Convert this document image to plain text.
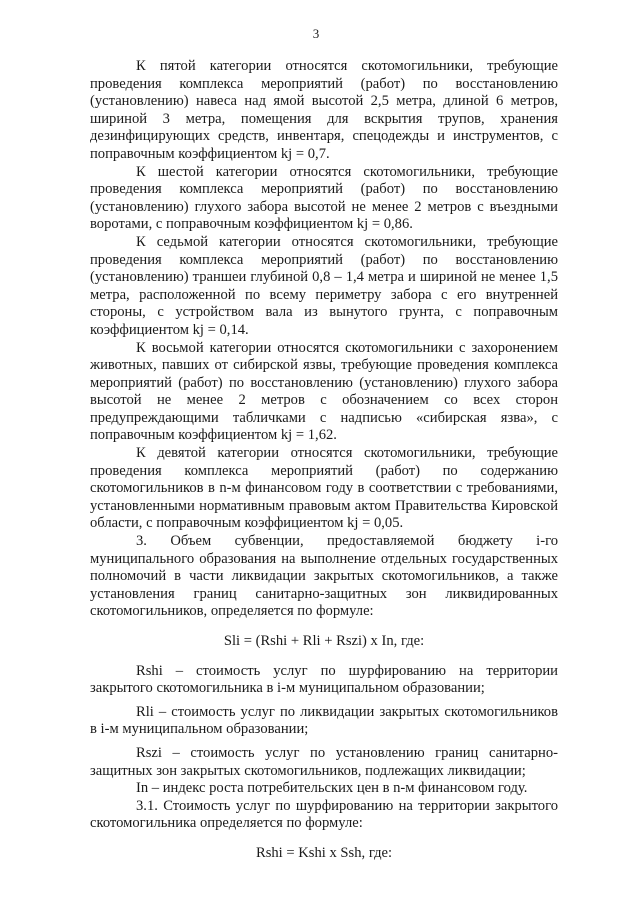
3

К пятой категории относятся скотомогильники, требующие проведения комплекса мероприятий (работ) по восстановлению (установлению) навеса над ямой высотой 2,5 метра, длиной 6 метров, шириной 3 метра, помещения для вскрытия трупов, хранения дезинфицирующих средств, инвентаря, спецодежды и инструментов, с поправочным коэффициентом kj = 0,7.

К шестой категории относятся скотомогильники, требующие проведения комплекса мероприятий (работ) по восстановлению (установлению) глухого забора высотой не менее 2 метров с въездными воротами, с поправочным коэффициентом kj = 0,86.

К седьмой категории относятся скотомогильники, требующие проведения комплекса мероприятий (работ) по восстановлению (установлению) траншеи глубиной 0,8 – 1,4 метра и шириной не менее 1,5 метра, расположенной по всему периметру забора с его внутренней стороны, с устройством вала из вынутого грунта, с поправочным коэффициентом kj = 0,14.

К восьмой категории относятся скотомогильники с захоронением животных, павших от сибирской язвы, требующие проведения комплекса мероприятий (работ) по восстановлению (установлению) глухого забора высотой не менее 2 метров с обозначением со всех сторон предупреждающими табличками с надписью «сибирская язва», с поправочным коэффициентом kj = 1,62.

К девятой категории относятся скотомогильники, требующие проведения комплекса мероприятий (работ) по содержанию скотомогильников в n-м финансовом году в соответствии с требованиями, установленными нормативным правовым актом Правительства Кировской области, с поправочным коэффициентом kj = 0,05.

3. Объем субвенции, предоставляемой бюджету i-го муниципального образования на выполнение отдельных государственных полномочий в части ликвидации закрытых скотомогильников, а также установления границ санитарно-защитных зон ликвидированных скотомогильников, определяется по формуле:

Sli = (Rshi + Rli + Rszi) x In, где:

Rshi – стоимость услуг по шурфированию на территории закрытого скотомогильника в i-м муниципальном образовании;

Rli – стоимость услуг по ликвидации закрытых скотомогильников в i-м муниципальном образовании;

Rszi – стоимость услуг по установлению границ санитарно-защитных зон закрытых скотомогильников, подлежащих ликвидации;

In – индекс роста потребительских цен в n-м финансовом году.

3.1. Стоимость услуг по шурфированию на территории закрытого скотомогильника определяется по формуле:

Rshi = Kshi x Ssh, где:
